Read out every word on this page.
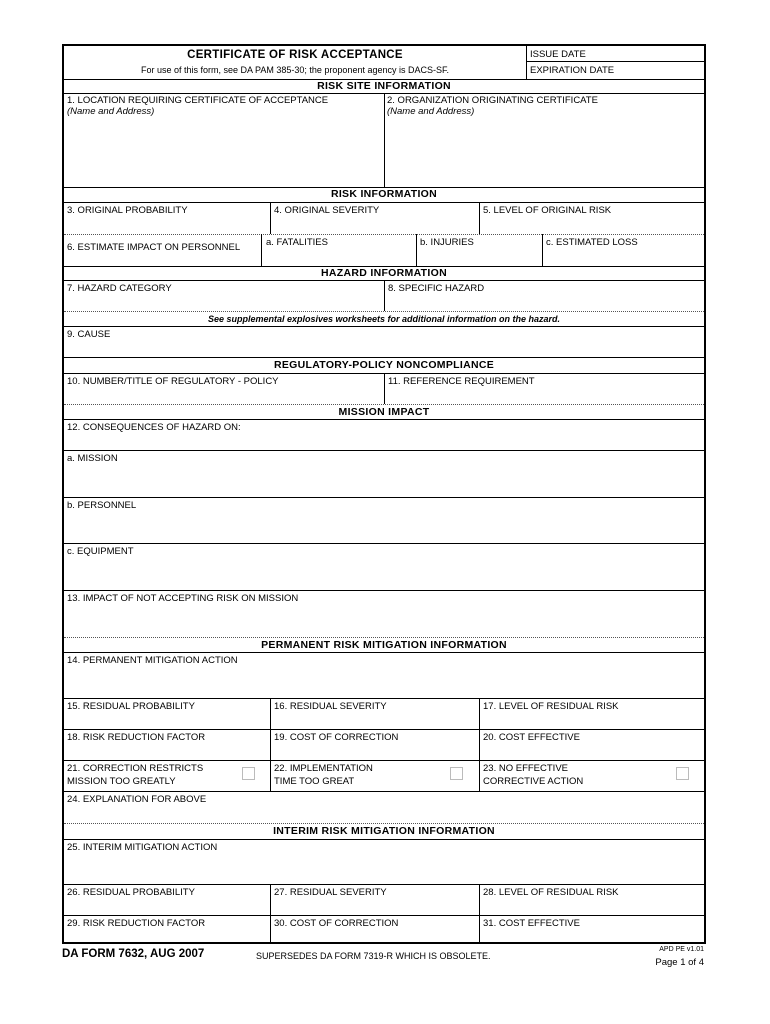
CERTIFICATE OF RISK ACCEPTANCE
For use of this form, see DA PAM 385-30; the proponent agency is DACS-SF.
ISSUE DATE
EXPIRATION DATE
RISK SITE INFORMATION
1. LOCATION REQUIRING CERTIFICATE OF ACCEPTANCE
(Name and Address)
2. ORGANIZATION ORIGINATING CERTIFICATE
(Name and Address)
RISK INFORMATION
3. ORIGINAL PROBABILITY	4. ORIGINAL SEVERITY	5. LEVEL OF ORIGINAL RISK
6. ESTIMATE IMPACT ON PERSONNEL	a. FATALITIES	b. INJURIES	c. ESTIMATED LOSS
HAZARD INFORMATION
7. HAZARD CATEGORY	8. SPECIFIC HAZARD
See supplemental explosives worksheets for additional information on the hazard.
9. CAUSE
REGULATORY-POLICY NONCOMPLIANCE
10. NUMBER/TITLE OF REGULATORY - POLICY	11. REFERENCE REQUIREMENT
MISSION IMPACT
12. CONSEQUENCES OF HAZARD ON:
a. MISSION
b. PERSONNEL
c. EQUIPMENT
13. IMPACT OF NOT ACCEPTING RISK ON MISSION
PERMANENT RISK MITIGATION INFORMATION
14. PERMANENT MITIGATION ACTION
15. RESIDUAL PROBABILITY	16. RESIDUAL SEVERITY	17. LEVEL OF RESIDUAL RISK
18. RISK REDUCTION FACTOR	19. COST OF CORRECTION	20. COST EFFECTIVE
21. CORRECTION RESTRICTS
MISSION TOO GREATLY
22. IMPLEMENTATION
TIME TOO GREAT
23. NO EFFECTIVE
CORRECTIVE ACTION
24. EXPLANATION FOR ABOVE
INTERIM RISK MITIGATION INFORMATION
25. INTERIM MITIGATION ACTION
26. RESIDUAL PROBABILITY	27. RESIDUAL SEVERITY	28. LEVEL OF RESIDUAL RISK
29. RISK REDUCTION FACTOR	30. COST OF CORRECTION	31. COST EFFECTIVE
DA FORM 7632, AUG 2007	SUPERSEDES DA FORM 7319-R WHICH IS OBSOLETE.
APD PE v1.01
Page 1 of 4
